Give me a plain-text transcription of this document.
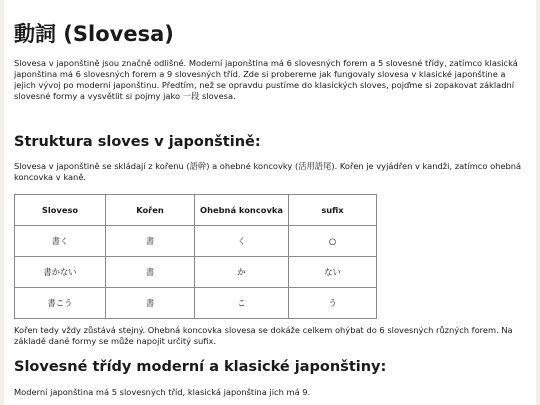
動詞 (Slovesa)

Slovesa v japonštině jsou značně odlišné. Moderní japonština má 6 slovesných forem a 5 slovesné třídy, zatímco klasická japonština má 6 slovesných forem a 9 slovesných tříd. Zde si probereme jak fungovaly slovesa v klasické japonštine a jejich vývoj po moderní japonštinu. Předtím, než se opravdu pustíme do klasických sloves, pojďme si zopakovat základní slovesné formy a vysvětlit si pojmy jako 一段 slovesa.

Struktura sloves v japonštině:

Slovesa v japonštině se skládají z kořenu (語幹) a ohebné koncovky (活用語尾). Kořen je vyjádřen v kandži, zatímco ohebná koncovka v kaně.

Sloveso	Kořen	Ohebná koncovka	sufix
書く	書	く	○
書かない	書	か	ない
書こう	書	こ	う

Kořen tedy vždy zůstává stejný. Ohebná koncovka slovesa se dokáže celkem ohýbat do 6 slovesných různých forem. Na základě dané formy se může napojit určitý sufix.

Slovesné třídy moderní a klasické japonštiny:

Moderní japonština má 5 slovesných tříd, klasická japonština jich má 9.
